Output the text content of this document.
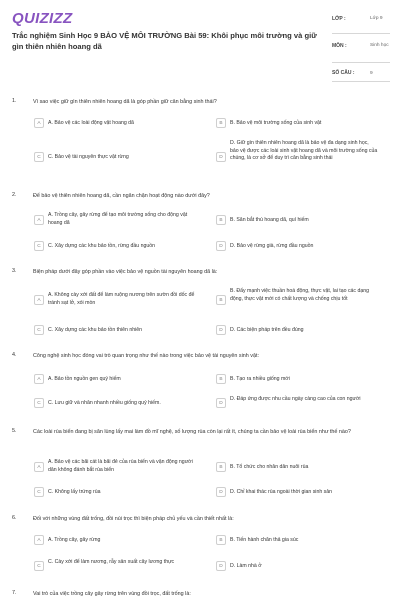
QUIZIZZ
Trắc nghiệm Sinh Học 9 BẢO VỆ MÔI TRƯỜNG Bài 59: Khôi phục môi trường và giữ gìn thiên nhiên hoang dã
LỚP :	Lớp 9
MÔN :	Sinh học
SỐ CÂU :	9
1.	Vì sao việc giữ gìn thiên nhiên hoang dã là góp phần giữ cân bằng sinh thái?
A	A. Bảo vệ các loài động vật hoang dã	B	B. Bảo vệ môi trường sống của sinh vật
C	C. Bảo vệ tài nguyên thực vật rừng	D
D. Giữ gìn thiên nhiên hoang dã là bảo vệ đa dạng sinh học, bảo vệ được các loài sinh vật hoang dã và môi trường sống của chúng, là cơ sở để duy trì cân bằng sinh thái
2.	Để bảo vệ thiên nhiên hoang dã, cần ngăn chặn hoạt động nào dưới đây?
A
A. Trồng cây, gây rừng để tạo môi trường sống cho động vật hoang dã	B	B. Săn bắt thú hoang dã, quí hiếm
C	C. Xây dựng các khu bảo tồn, rừng đầu nguồn	D	D. Bảo vệ rừng già, rừng đầu nguồn
3.	Biện pháp dưới đây góp phần vào việc bảo vệ nguồn tài nguyên hoang dã là:
A
A. Không cày xới đất để làm ruộng nương trên sườn đồi dốc để tránh sạt lở, xói mòn	B
B. Đẩy mạnh việc thuần hoá động, thực vật, lai tạo các dạng động, thực vật mới có chất lượng và chống chịu tốt
C	C. Xây dựng các khu bảo tồn thiên nhiên	D	D. Các biện pháp trên đều đúng
4.	Công nghệ sinh học đóng vai trò quan trọng như thế nào trong việc bảo vệ tài nguyên sinh vật:
A	A. Bảo tồn nguồn gen quý hiếm	B	B. Tạo ra nhiều giống mới
C	C. Lưu giữ và nhân nhanh nhiều giống quý hiếm.	D
D. Đáp ứng được nhu cầu ngày càng cao của con người
5.	Các loài rùa biển đang bị săn lùng lấy mai làm đồ mĩ nghệ, số lượng rùa còn lại rất ít, chúng ta cần bảo vệ loài rùa biển như thế nào?
A
A. Bảo vệ các bãi cát là bãi đẻ của rùa biển và vận động người dân không đánh bắt rùa biển	B	B. Tổ chức cho nhân dân nuôi rùa
C	C. Không lấy trứng rùa	D	D. Chỉ khai thác rùa ngoài thời gian sinh sản
6.	Đối với những vùng đất trống, đồi núi trọc thì biện pháp chủ yếu và cần thiết nhất là:
A	A. Trồng cây, gây rừng	B	B. Tiến hành chăn thả gia súc
C
C. Cày xới để làm nương, rẫy sản xuất cây lương thực
D	D. Làm nhà ở
7.	Vai trò của việc trồng cây gây rừng trên vùng đồi trọc, đất trống là:
